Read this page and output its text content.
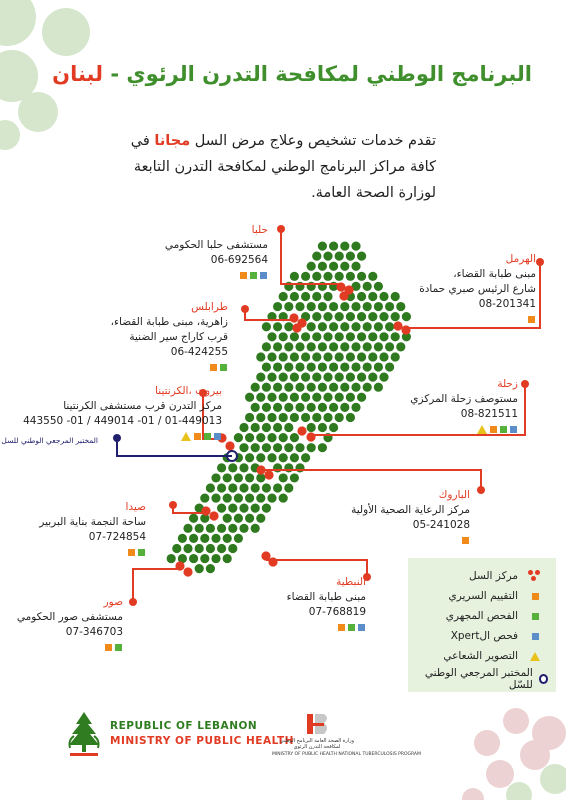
البرنامج الوطني لمكافحة التدرن الرئوي - لبنان
تقدم خدمات تشخيص وعلاج مرض السل مجانا في كافة مراكز البرنامج الوطني لمكافحة التدرن التابعة لوزارة الصحة العامة.
حلبا
مستشفى حلبا الحكومي
06-692564	الهرمل
مبنى طبابة القضاء،
شارع الرئيس صبري حمادة
08-201341
طرابلس
زاهرية، مبنى طبابة القضاء،
قرب كاراج سير الضنية
06-424255
زحلة
مستوصف زحلة المركزي
08-821511
بيروت ،الكرنتينا
مركز التدرن قرب مستشفى الكرنتينا
01-449013 / 01- 449014 / 01- 443550
المختبر المرجعي الوطني للسل
الباروك
مركز الرعاية الصحية الأولية
05-241028
صيدا
ساحة النجمة بناية البربير
07-724854
النبطية
مبنى طبابة القضاء
07-768819
صور
مستشفى صور الحكومي
07-346703
مركز السل
التقييم السريري
الفحص المجهري
فحص الXpert
التصوير الشعاعي
المختبر المرجعي الوطني للسّل
REPUBLIC OF LEBANON
MINISTRY OF PUBLIC HEALTH
وزارة الصحة العامة البرنامج الوطني لمكافحة التدرن الرئوي
MINISTRY OF PUBLIC HEALTH NATIONAL TUBERCULOSIS PROGRAM
